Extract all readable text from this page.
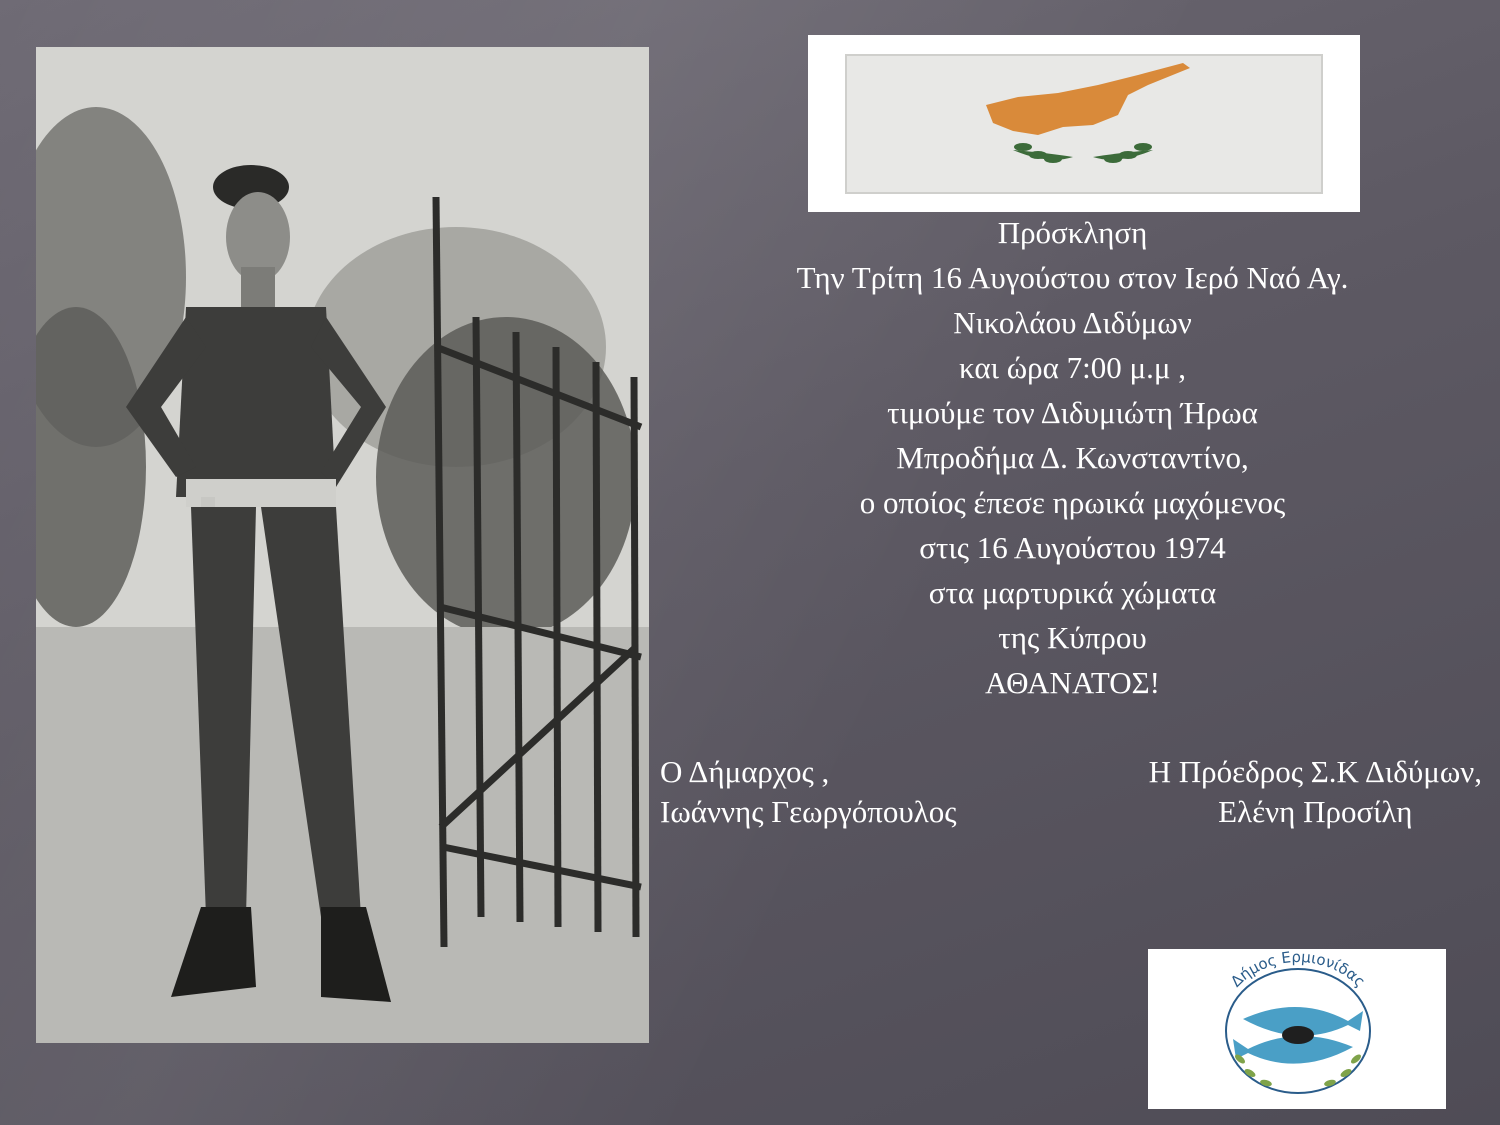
Πρόσκληση
Την Τρίτη 16 Αυγούστου στον Ιερό Ναό Αγ.
Νικολάου Διδύμων
και ώρα 7:00 μ.μ ,
τιμούμε τον Διδυμιώτη Ήρωα
Μπροδήμα Δ. Κωνσταντίνο,
ο οποίος έπεσε ηρωικά μαχόμενος
στις 16 Αυγούστου 1974
στα μαρτυρικά χώματα
της Κύπρου
ΑΘΑΝΑΤΟΣ!
Ο Δήμαρχος ,
Ιωάννης Γεωργόπουλος
Η Πρόεδρος Σ.Κ Διδύμων,
Ελένη Προσίλη
Δήμος Ερμιονίδας
